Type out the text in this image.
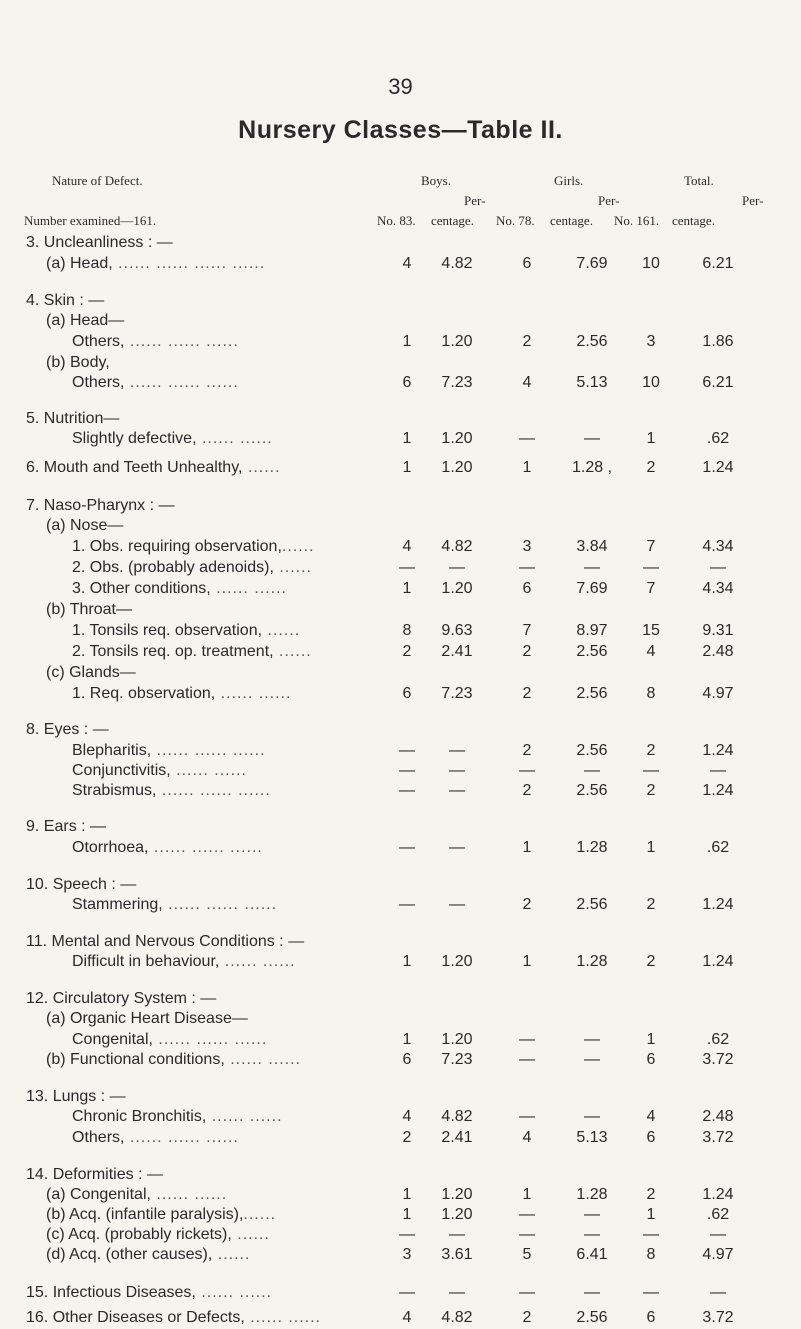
39
Nursery Classes—Table II.
Nature of Defect.	Boys.	Girls.	Total.
Per-	Per-	Per-
Number examined—161.	No. 83. centage. No. 78. centage. No. 161. centage.
3. Uncleanliness : —
(a) Head, ...... ...... ...... ......	4	4.82	6	7.69	10	6.21
4. Skin : —
(a) Head—
Others, ...... ...... ......	1	1.20	2	2.56	3	1.86
(b) Body,
Others, ...... ...... ......	6	7.23	4	5.13	10	6.21
5. Nutrition—
Slightly defective, ...... ......	1	1.20	—	—	1	.62
6. Mouth and Teeth Unhealthy, ......	1	1.20	1	1.28 ,	2	1.24
7. Naso-Pharynx : —
(a) Nose—
1. Obs. requiring observation,......	4	4.82	3	3.84	7	4.34
2. Obs. (probably adenoids), ......	—	—	—	—	—	—
3. Other conditions, ...... ......	1	1.20	6	7.69	7	4.34
(b) Throat—
1. Tonsils req. observation, ......	8	9.63	7	8.97	15	9.31
2. Tonsils req. op. treatment, ......	2	2.41	2	2.56	4	2.48
(c) Glands—
1. Req. observation, ...... ......	6	7.23	2	2.56	8	4.97
8. Eyes : —
Blepharitis, ...... ...... ......	—	—	2	2.56	2	1.24
Conjunctivitis, ...... ......	—	—	—	—	—	—
Strabismus, ...... ...... ......	—	—	2	2.56	2	1.24
9. Ears : —
Otorrhoea, ...... ...... ......	—	—	1	1.28	1	.62
10. Speech : —
Stammering, ...... ...... ......	—	—	2	2.56	2	1.24
11. Mental and Nervous Conditions : —
Difficult in behaviour, ...... ......	1	1.20	1	1.28	2	1.24
12. Circulatory System : —
(a) Organic Heart Disease—
Congenital, ...... ...... ......	1	1.20	—	—	1	.62
(b) Functional conditions, ...... ......	6	7.23	—	—	6	3.72
13. Lungs : —
Chronic Bronchitis, ...... ......	4	4.82	—	—	4	2.48
Others, ...... ...... ......	2	2.41	4	5.13	6	3.72
14. Deformities : —
(a) Congenital, ...... ......	1	1.20	1	1.28	2	1.24
(b) Acq. (infantile paralysis),......	1	1.20	—	—	1	.62
(c) Acq. (probably rickets), ......	—	—	—	—	—	—
(d) Acq. (other causes), ......	3	3.61	5	6.41	8	4.97
15. Infectious Diseases, ...... ......	—	—	—	—	—	—
16. Other Diseases or Defects, ...... ......	4	4.82	2	2.56	6	3.72
